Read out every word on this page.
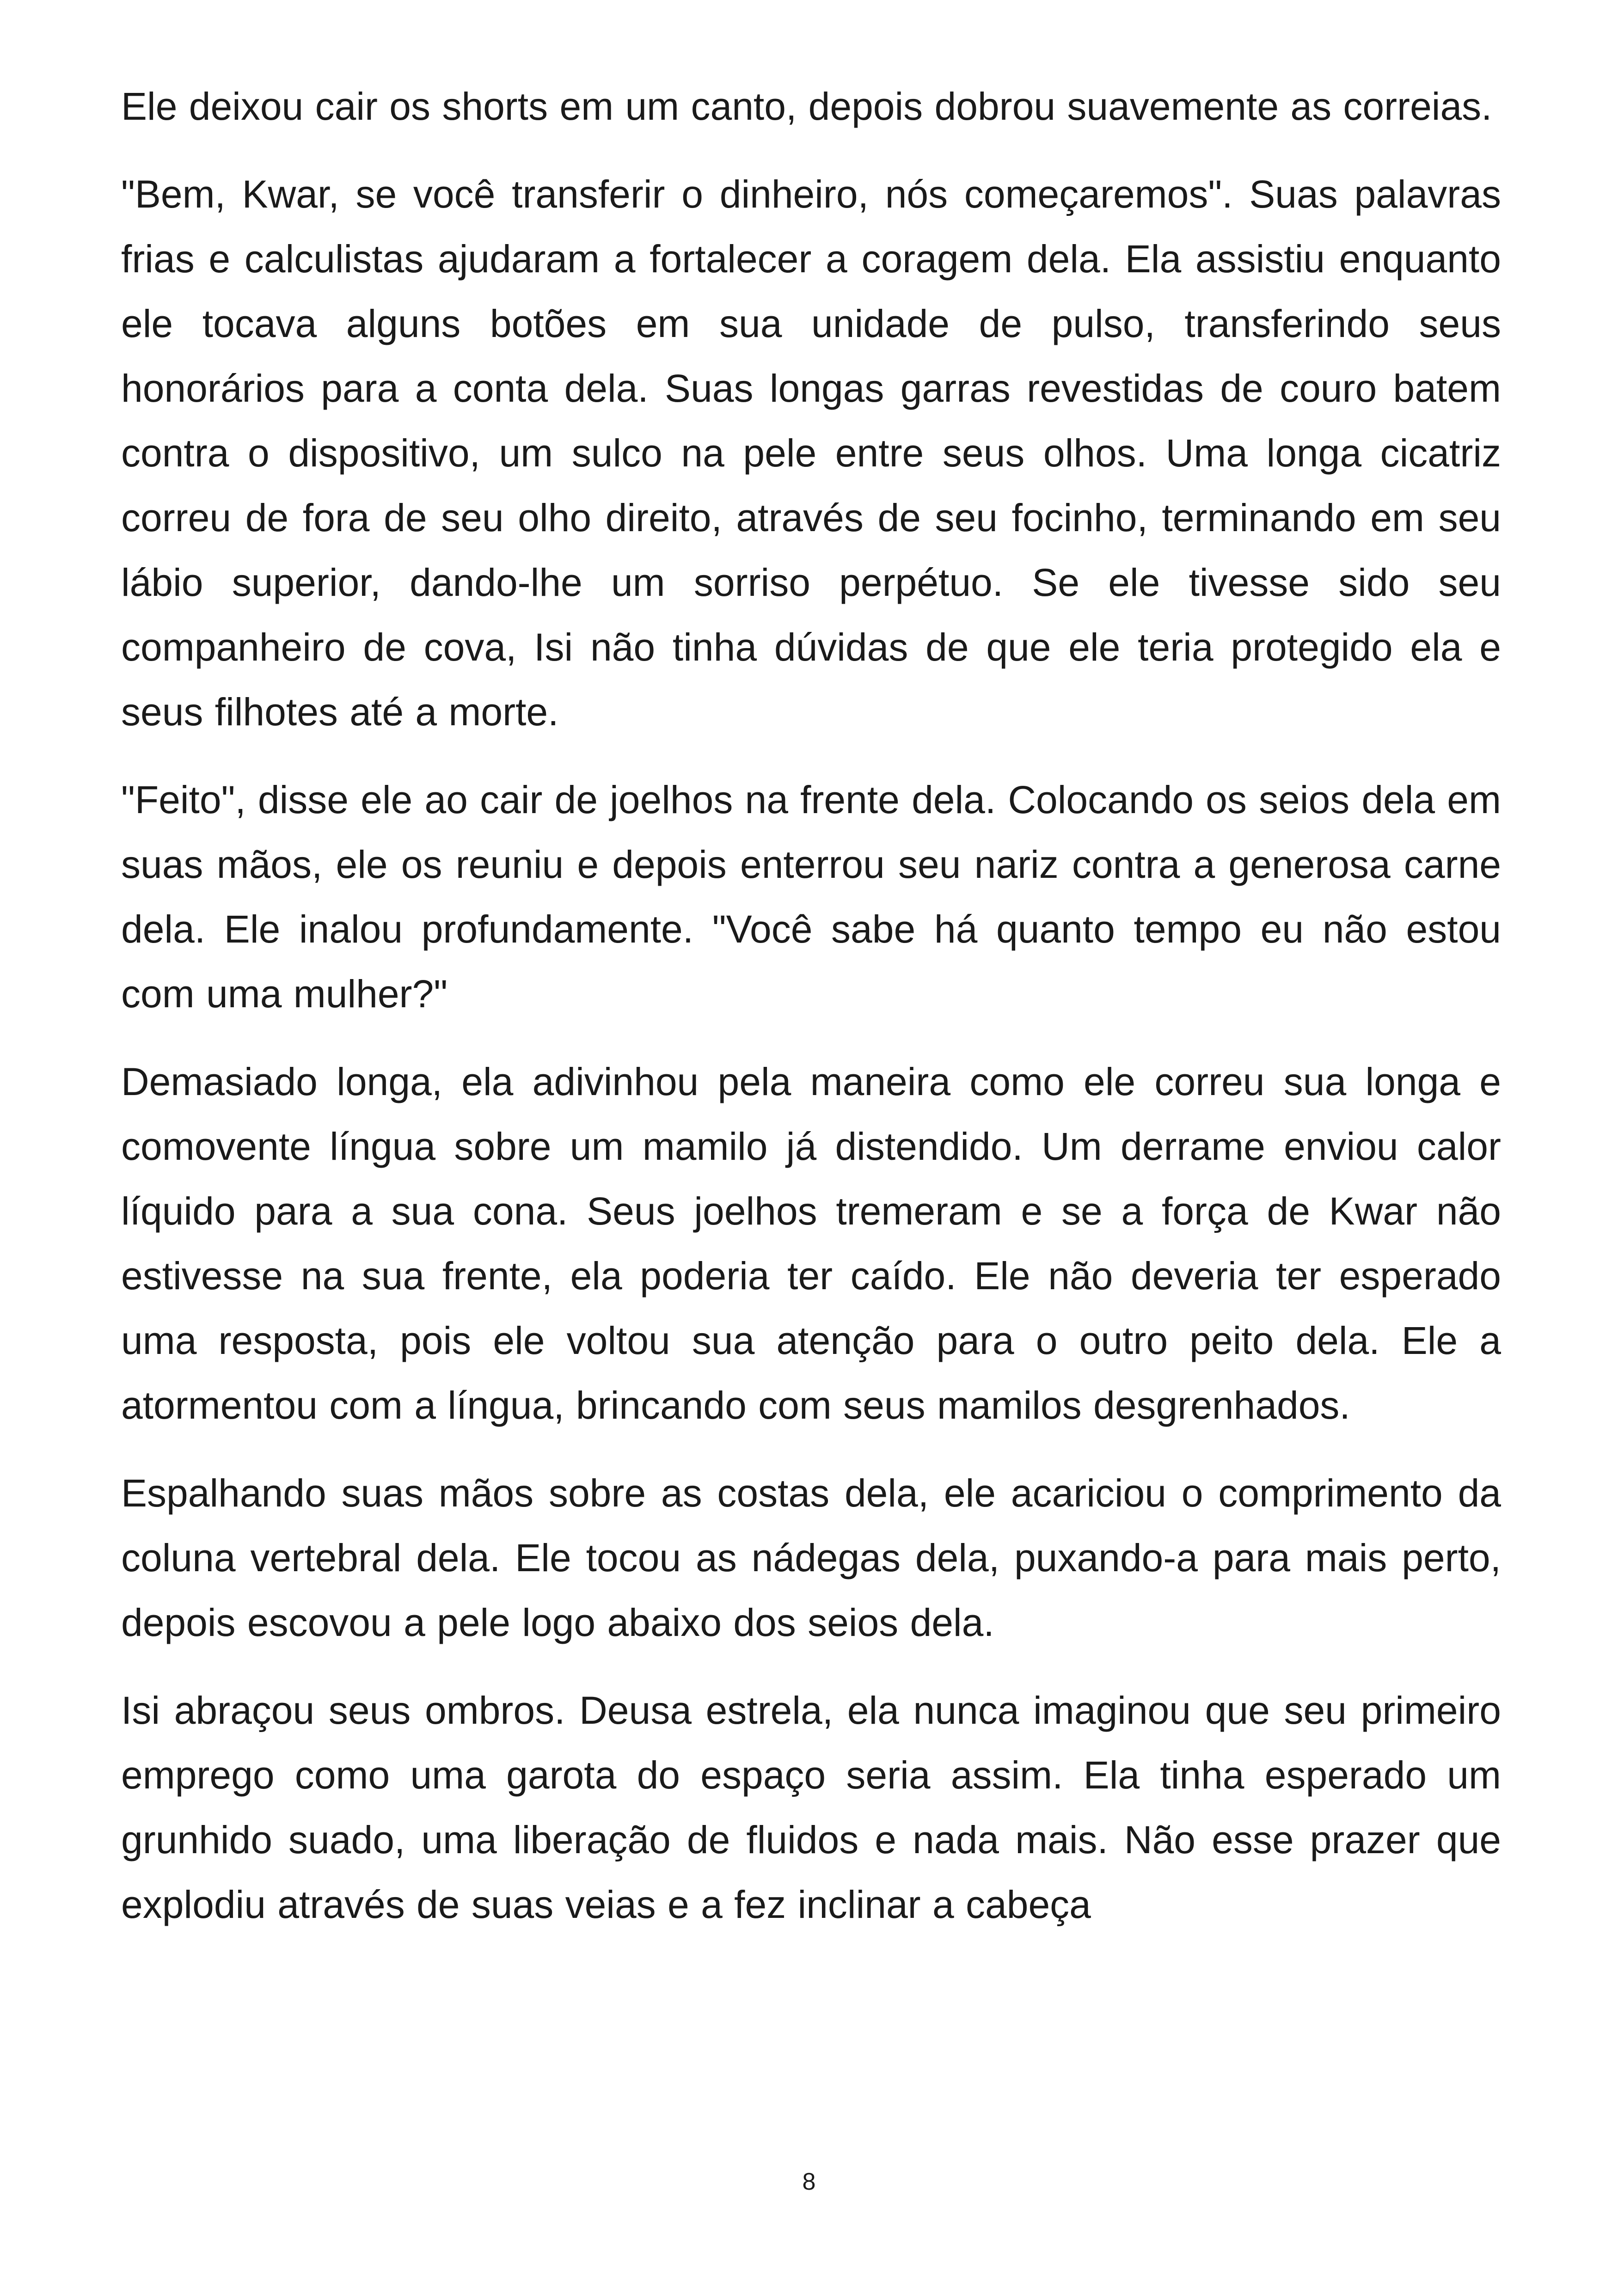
Ele deixou cair os shorts em um canto, depois dobrou suavemente as correias.

"Bem, Kwar, se você transferir o dinheiro, nós começaremos". Suas palavras frias e calculistas ajudaram a fortalecer a coragem dela. Ela assistiu enquanto ele tocava alguns botões em sua unidade de pulso, transferindo seus honorários para a conta dela. Suas longas garras revestidas de couro batem contra o dispositivo, um sulco na pele entre seus olhos. Uma longa cicatriz correu de fora de seu olho direito, através de seu focinho, terminando em seu lábio superior, dando-lhe um sorriso perpétuo. Se ele tivesse sido seu companheiro de cova, Isi não tinha dúvidas de que ele teria protegido ela e seus filhotes até a morte.

"Feito", disse ele ao cair de joelhos na frente dela. Colocando os seios dela em suas mãos, ele os reuniu e depois enterrou seu nariz contra a generosa carne dela. Ele inalou profundamente. "Você sabe há quanto tempo eu não estou com uma mulher?"

Demasiado longa, ela adivinhou pela maneira como ele correu sua longa e comovente língua sobre um mamilo já distendido. Um derrame enviou calor líquido para a sua cona. Seus joelhos tremeram e se a força de Kwar não estivesse na sua frente, ela poderia ter caído. Ele não deveria ter esperado uma resposta, pois ele voltou sua atenção para o outro peito dela. Ele a atormentou com a língua, brincando com seus mamilos desgrenhados.

Espalhando suas mãos sobre as costas dela, ele acariciou o comprimento da coluna vertebral dela. Ele tocou as nádegas dela, puxando-a para mais perto, depois escovou a pele logo abaixo dos seios dela.

Isi abraçou seus ombros. Deusa estrela, ela nunca imaginou que seu primeiro emprego como uma garota do espaço seria assim. Ela tinha esperado um grunhido suado, uma liberação de fluidos e nada mais. Não esse prazer que explodiu através de suas veias e a fez inclinar a cabeça

8
